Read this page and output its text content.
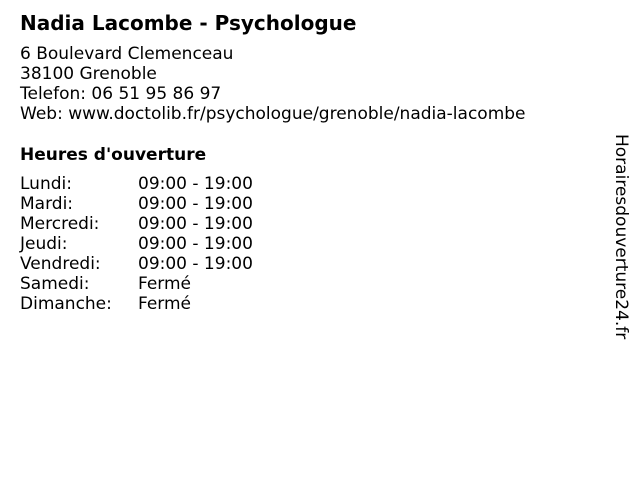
Nadia Lacombe - Psychologue
6 Boulevard Clemenceau
38100 Grenoble
Telefon: 06 51 95 86 97
Web: www.doctolib.fr/psychologue/grenoble/nadia-lacombe
Heures d'ouverture
Lundi:	09:00 - 19:00
Mardi:	09:00 - 19:00
Mercredi:	09:00 - 19:00
Jeudi:	09:00 - 19:00
Vendredi:	09:00 - 19:00
Samedi:	Fermé
Dimanche:	Fermé	Horairesdouverture24.fr
